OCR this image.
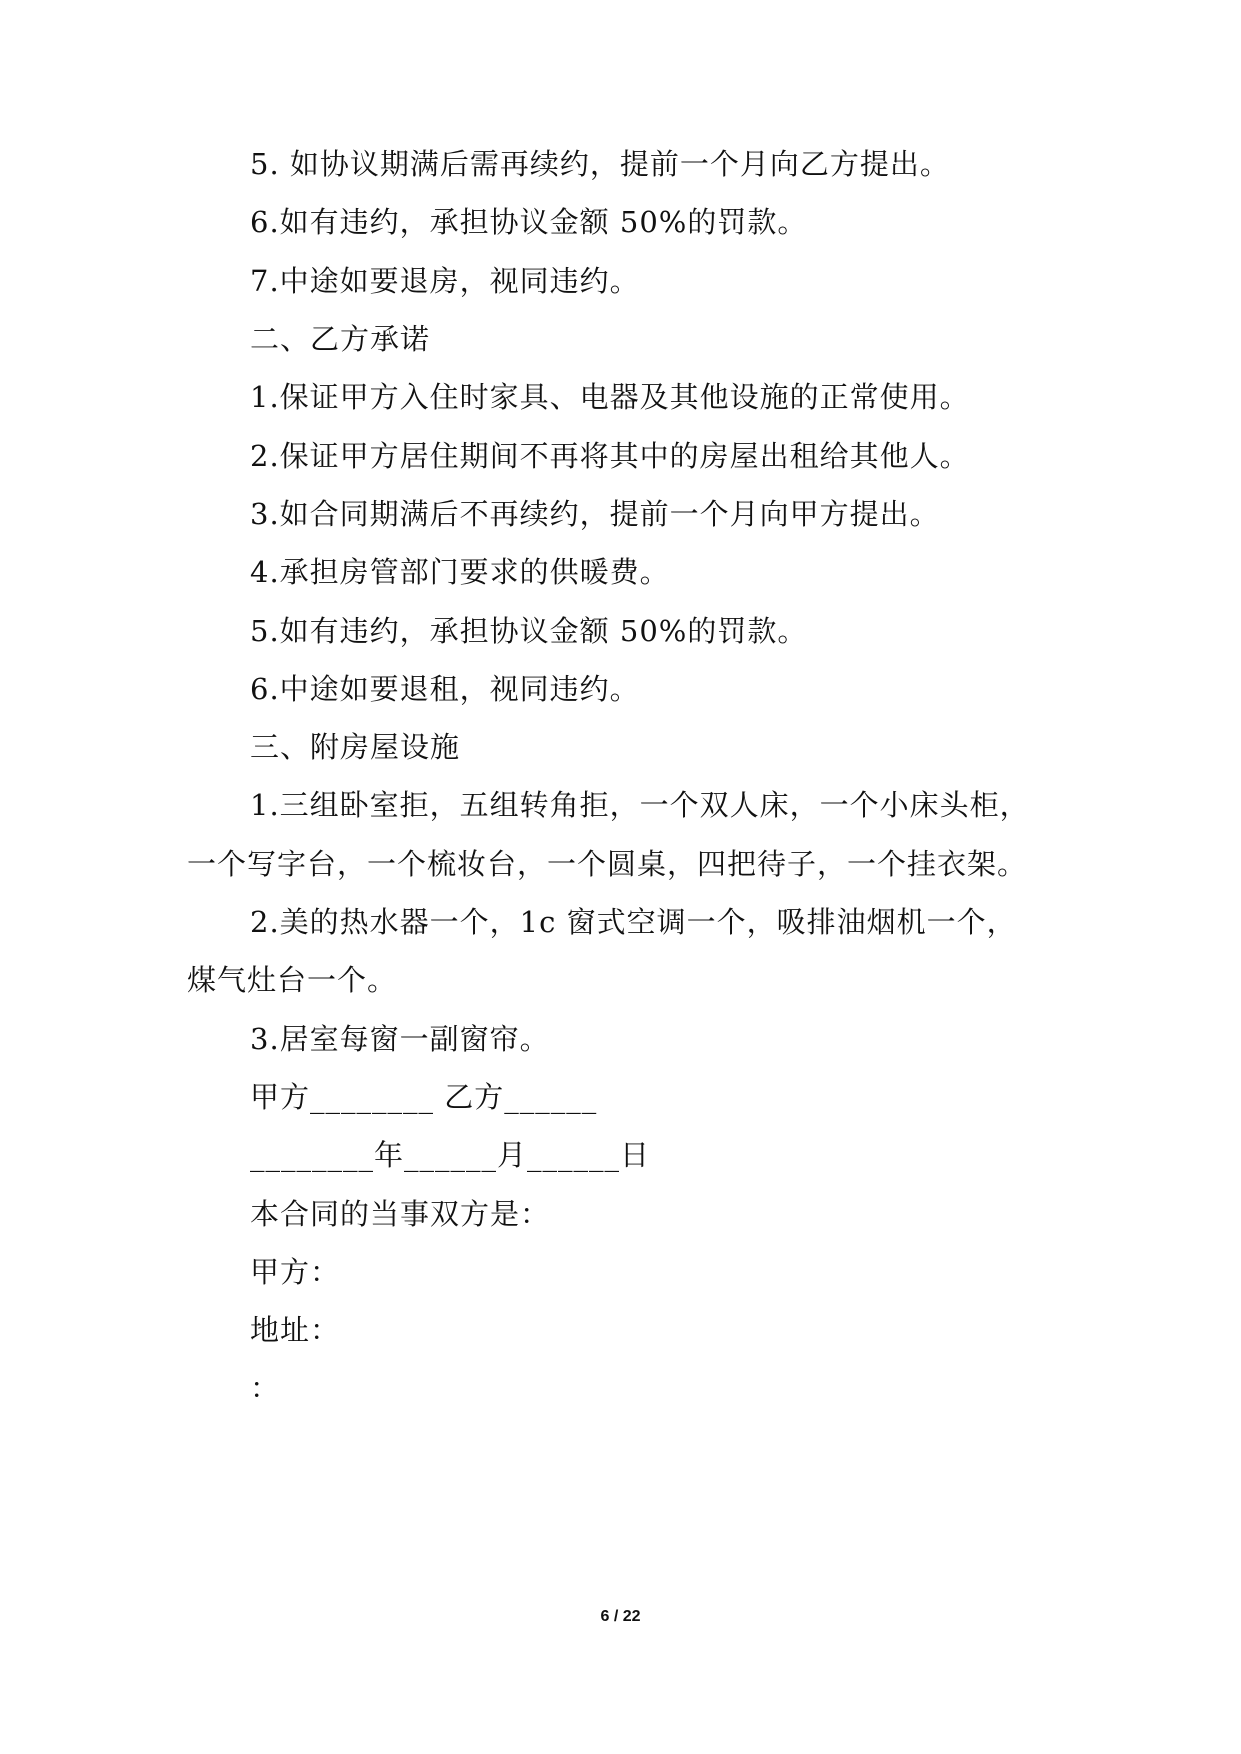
5. 如协议期满后需再续约，提前一个月向乙方提出。
6.如有违约，承担协议金额 50%的罚款。
7.中途如要退房，视同违约。
二、乙方承诺
1.保证甲方入住时家具、电器及其他设施的正常使用。
2.保证甲方居住期间不再将其中的房屋出租给其他人。
3.如合同期满后不再续约，提前一个月向甲方提出。
4.承担房管部门要求的供暖费。
5.如有违约，承担协议金额 50%的罚款。
6.中途如要退租，视同违约。
三、附房屋设施
1.三组卧室拒，五组转角拒，一个双人床，一个小床头柜，
一个写字台，一个梳妆台，一个圆桌，四把待子，一个挂衣架。
2.美的热水器一个，1c 窗式空调一个，吸排油烟机一个，
煤气灶台一个。
3.居室每窗一副窗帘。
甲方________ 乙方______
________年______月______日
本合同的当事双方是：
甲方：
地址：
：
6 / 22
